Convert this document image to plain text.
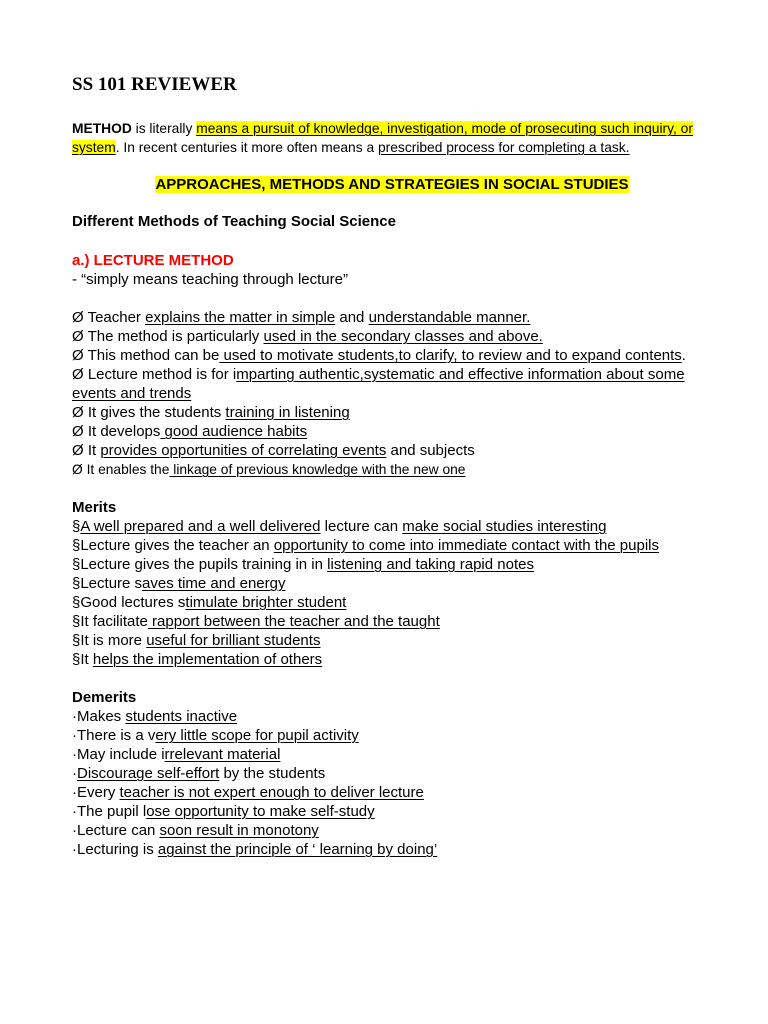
SS 101 REVIEWER

METHOD is literally means a pursuit of knowledge, investigation, mode of prosecuting such inquiry, or system. In recent centuries it more often means a prescribed process for completing a task.

APPROACHES, METHODS AND STRATEGIES IN SOCIAL STUDIES

Different Methods of Teaching Social Science

a.) LECTURE METHOD

- “simply means teaching through lecture”

Ø Teacher explains the matter in simple and understandable manner.

Ø The method is particularly used in the secondary classes and above.

Ø This method can be used to motivate students,to clarify, to review and to expand contents.

Ø Lecture method is for imparting authentic,systematic and effective information about some events and trends

Ø It gives the students training in listening

Ø It develops good audience habits

Ø It provides opportunities of correlating events and subjects

Ø It enables the linkage of previous knowledge with the new one

Merits

§A well prepared and a well delivered lecture can make social studies interesting

§Lecture gives the teacher an opportunity to come into immediate contact with the pupils

§Lecture gives the pupils training in in listening and taking rapid notes

§Lecture saves time and energy

§Good lectures stimulate brighter student

§It facilitate rapport between the teacher and the taught

§It is more useful for brilliant students

§It helps the implementation of others

Demerits

·Makes students inactive

·There is a very little scope for pupil activity

·May include irrelevant material

·Discourage self-effort by the students

·Every teacher is not expert enough to deliver lecture

·The pupil lose opportunity to make self-study

·Lecture can soon result in monotony

·Lecturing is against the principle of ‘ learning by doing’
